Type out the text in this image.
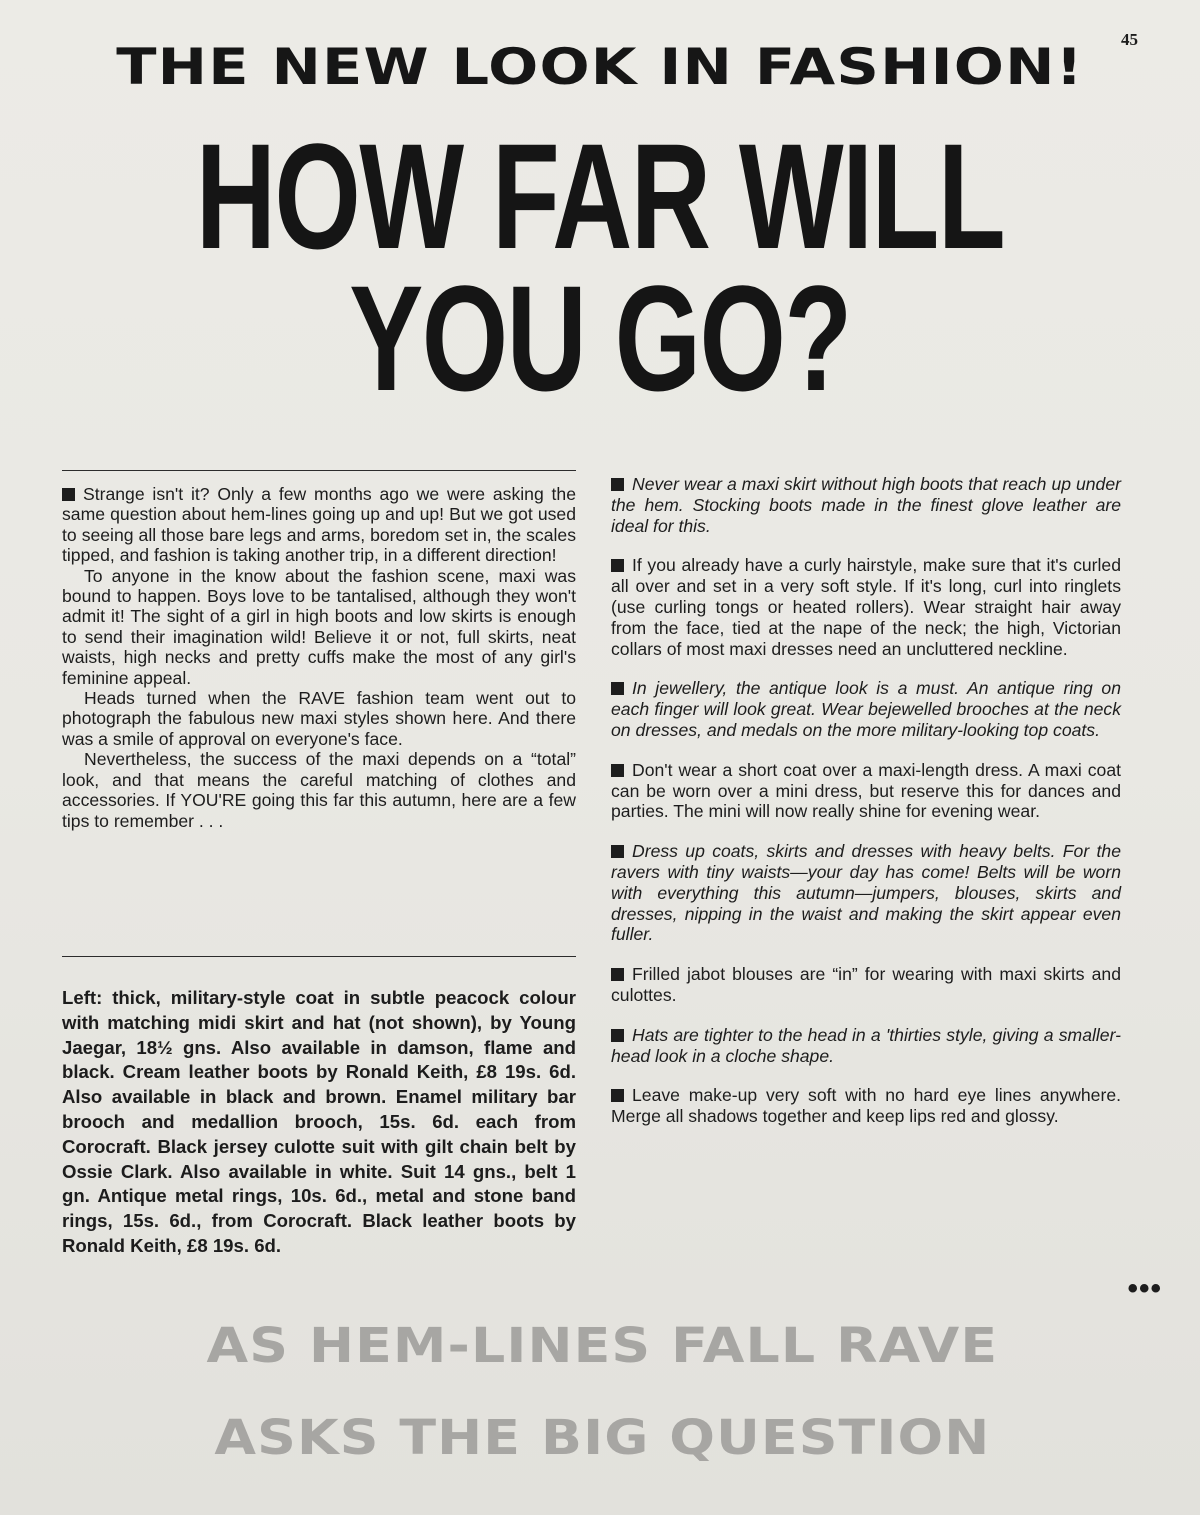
45
THE NEW LOOK IN FASHION!
HOW FAR WILL
YOU GO?

Strange isn't it? Only a few months ago we were asking the same question about hem-lines going up and up! But we got used to seeing all those bare legs and arms, boredom set in, the scales tipped, and fashion is taking another trip, in a different direction!

To anyone in the know about the fashion scene, maxi was bound to happen. Boys love to be tantalised, although they won't admit it! The sight of a girl in high boots and low skirts is enough to send their imagination wild! Believe it or not, full skirts, neat waists, high necks and pretty cuffs make the most of any girl's feminine appeal.

Heads turned when the RAVE fashion team went out to photograph the fabulous new maxi styles shown here. And there was a smile of approval on everyone's face.

Nevertheless, the success of the maxi depends on a “total” look, and that means the careful matching of clothes and accessories. If YOU'RE going this far this autumn, here are a few tips to remember . . .

Left: thick, military-style coat in subtle peacock colour with matching midi skirt and hat (not shown), by Young Jaegar, 18½ gns. Also available in damson, flame and black. Cream leather boots by Ronald Keith, £8 19s. 6d. Also available in black and brown. Enamel military bar brooch and medallion brooch, 15s. 6d. each from Corocraft. Black jersey culotte suit with gilt chain belt by Ossie Clark. Also available in white. Suit 14 gns., belt 1 gn. Antique metal rings, 10s. 6d., metal and stone band rings, 15s. 6d., from Corocraft. Black leather boots by Ronald Keith, £8 19s. 6d.

Never wear a maxi skirt without high boots that reach up under the hem. Stocking boots made in the finest glove leather are ideal for this.

If you already have a curly hairstyle, make sure that it's curled all over and set in a very soft style. If it's long, curl into ringlets (use curling tongs or heated rollers). Wear straight hair away from the face, tied at the nape of the neck; the high, Victorian collars of most maxi dresses need an uncluttered neckline.

In jewellery, the antique look is a must. An antique ring on each finger will look great. Wear bejewelled brooches at the neck on dresses, and medals on the more military-looking top coats.

Don't wear a short coat over a maxi-length dress. A maxi coat can be worn over a mini dress, but reserve this for dances and parties. The mini will now really shine for evening wear.

Dress up coats, skirts and dresses with heavy belts. For the ravers with tiny waists—your day has come! Belts will be worn with everything this autumn—jumpers, blouses, skirts and dresses, nipping in the waist and making the skirt appear even fuller.

Frilled jabot blouses are “in” for wearing with maxi skirts and culottes.

Hats are tighter to the head in a 'thirties style, giving a smaller-head look in a cloche shape.

Leave make-up very soft with no hard eye lines anywhere. Merge all shadows together and keep lips red and glossy.

•••
AS HEM-LINES FALL RAVE
ASKS THE BIG QUESTION
